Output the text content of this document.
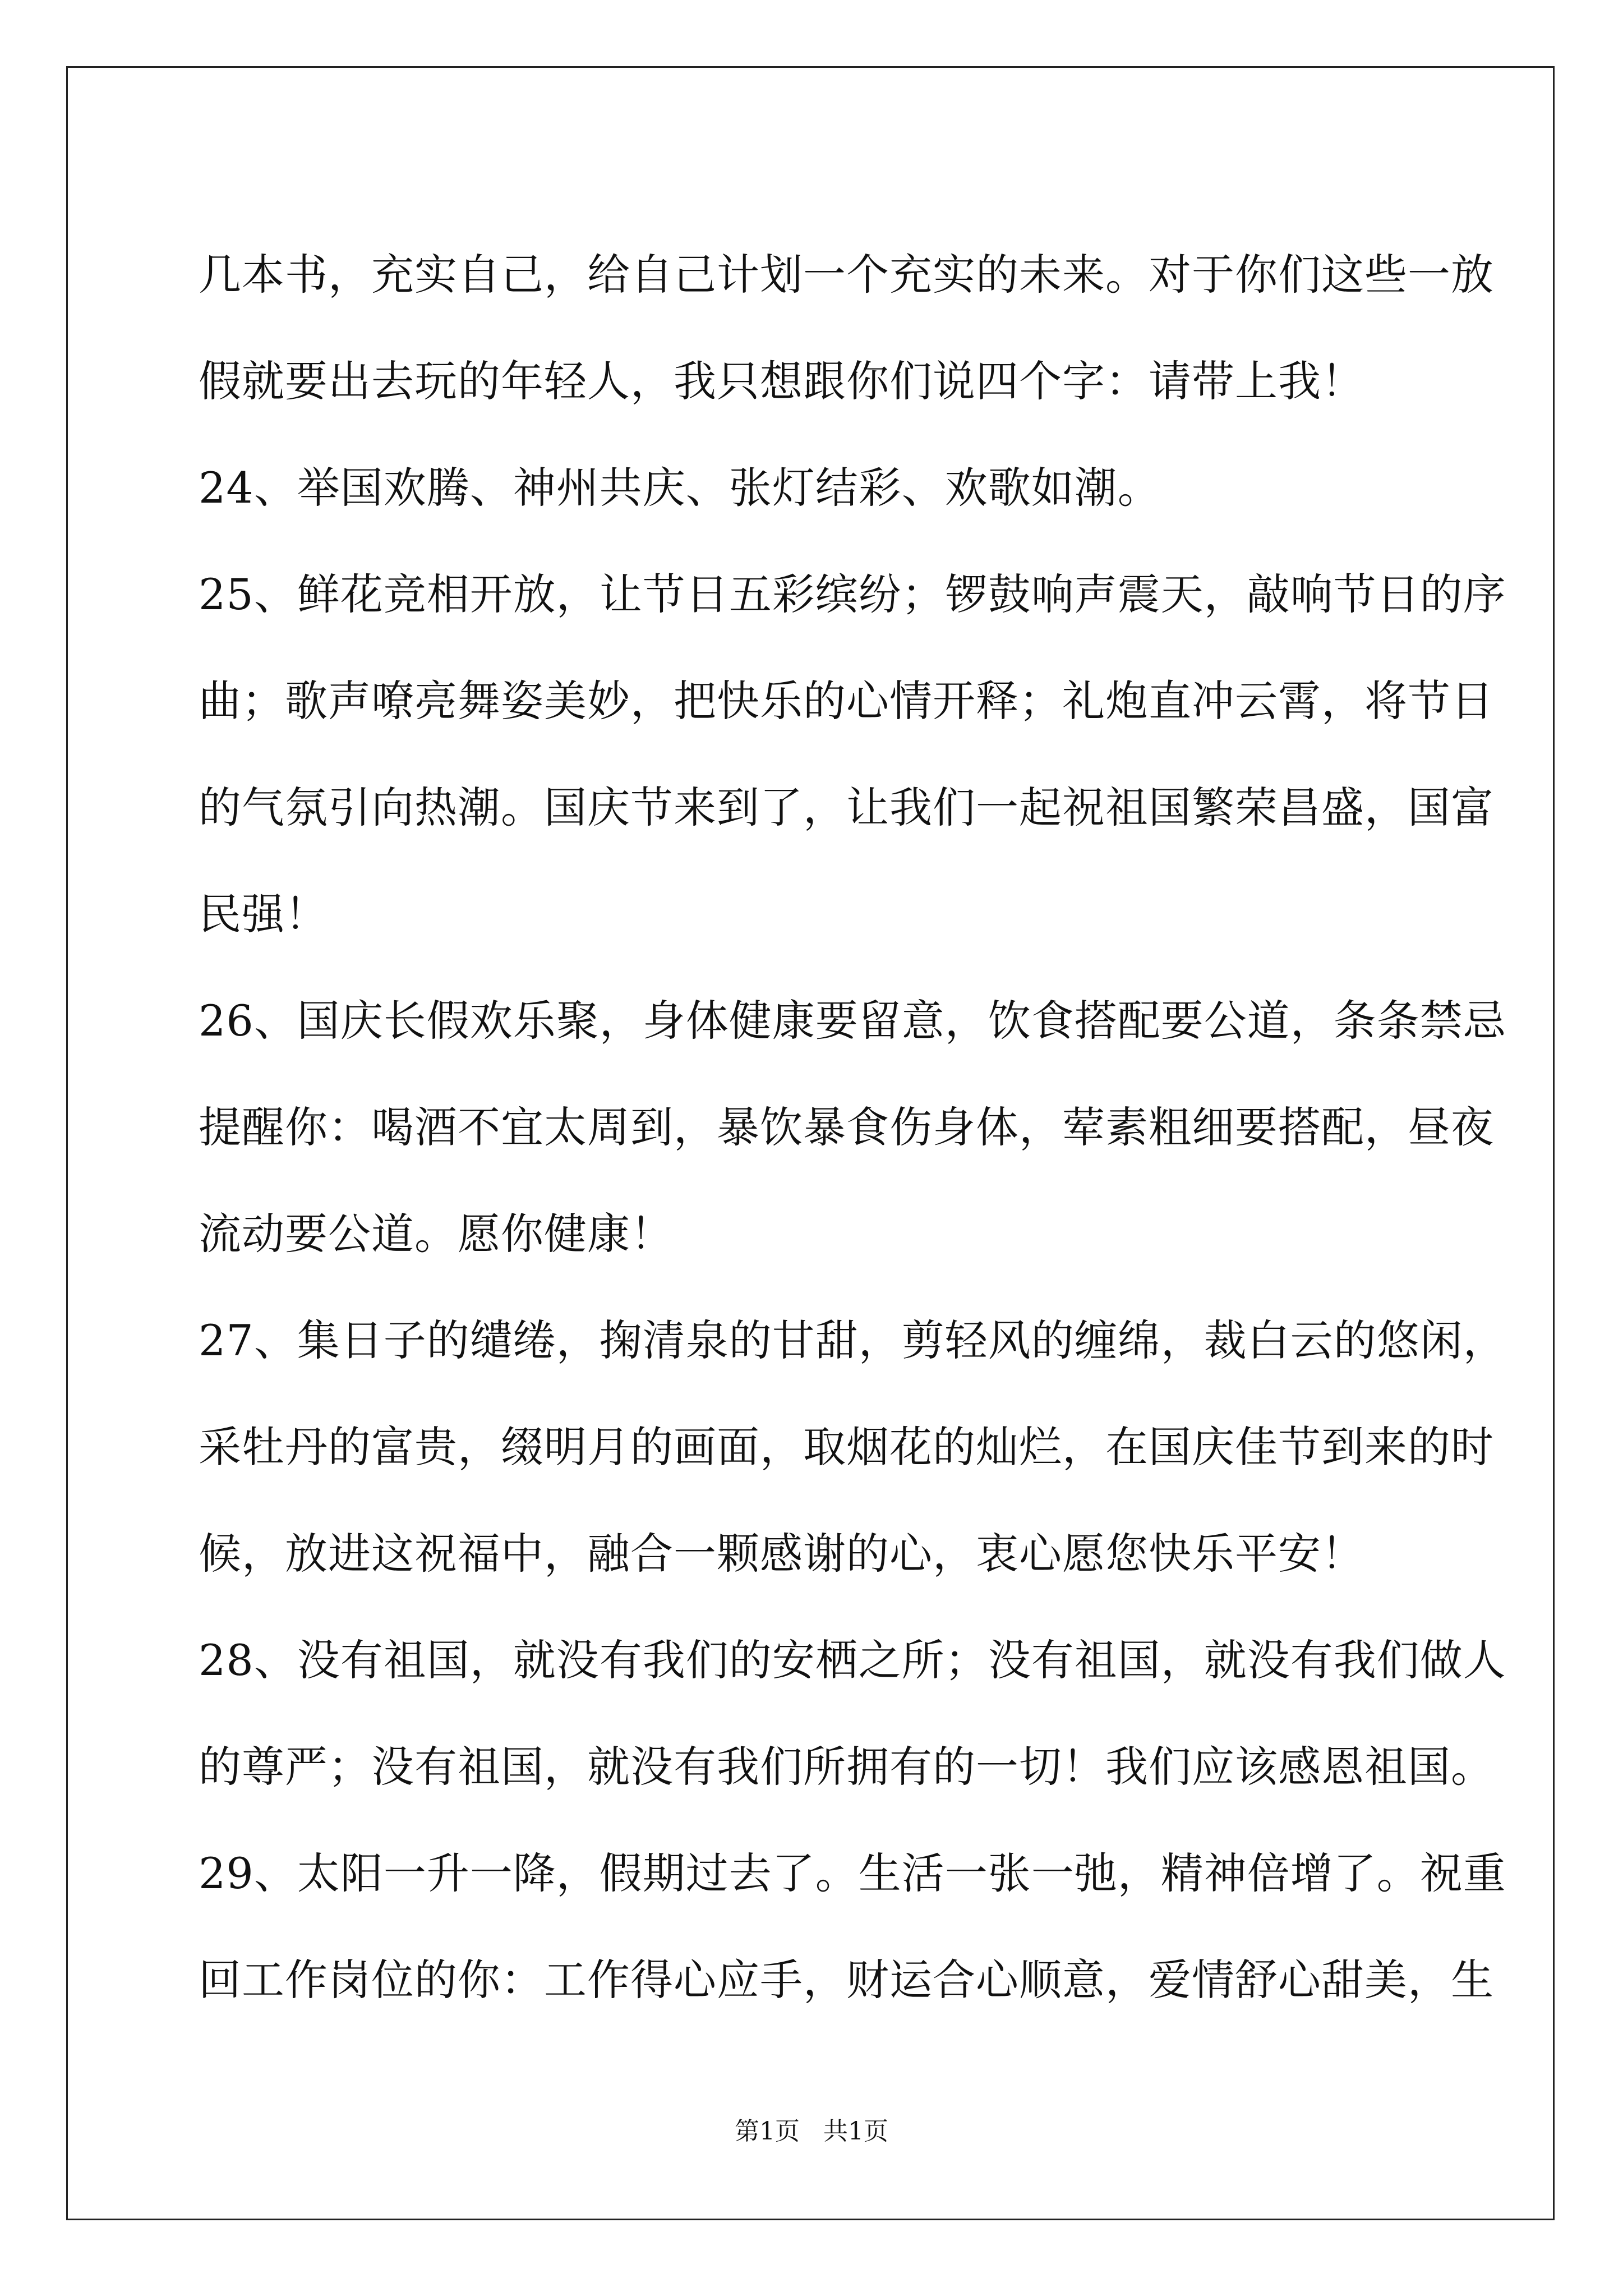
几本书，充实自己，给自己计划一个充实的未来。对于你们这些一放
假就要出去玩的年轻人，我只想跟你们说四个字：请带上我！
24、举国欢腾、神州共庆、张灯结彩、欢歌如潮。
25、鲜花竞相开放，让节日五彩缤纷；锣鼓响声震天，敲响节日的序
曲；歌声嘹亮舞姿美妙，把快乐的心情开释；礼炮直冲云霄，将节日
的气氛引向热潮。国庆节来到了，让我们一起祝祖国繁荣昌盛，国富
民强！
26、国庆长假欢乐聚，身体健康要留意，饮食搭配要公道，条条禁忌
提醒你：喝酒不宜太周到，暴饮暴食伤身体，荤素粗细要搭配，昼夜
流动要公道。愿你健康！
27、集日子的缱绻，掬清泉的甘甜，剪轻风的缠绵，裁白云的悠闲，
采牡丹的富贵，缀明月的画面，取烟花的灿烂，在国庆佳节到来的时
候，放进这祝福中，融合一颗感谢的心，衷心愿您快乐平安！
28、没有祖国，就没有我们的安栖之所；没有祖国，就没有我们做人
的尊严；没有祖国，就没有我们所拥有的一切！我们应该感恩祖国。
29、太阳一升一降，假期过去了。生活一张一弛，精神倍增了。祝重
回工作岗位的你：工作得心应手，财运合心顺意，爱情舒心甜美，生
第1页   共1页
